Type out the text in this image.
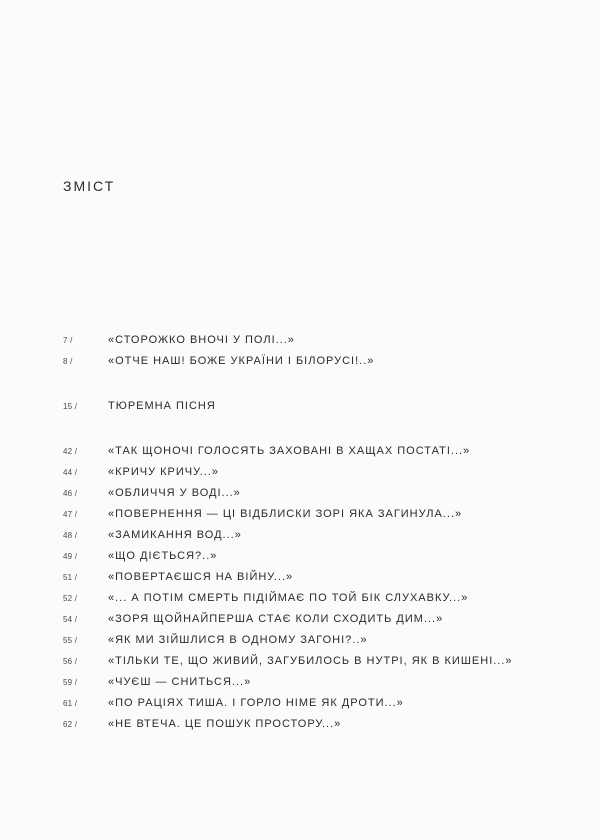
ЗМІСТ
7 /	«СТОРОЖКО ВНОЧІ У ПОЛІ...»
8 /	«ОТЧЕ НАШ! БОЖЕ УКРАЇНИ І БІЛОРУСІ!..»
15 /	ТЮРЕМНА ПІСНЯ
42 /	«ТАК ЩОНОЧІ ГОЛОСЯТЬ ЗАХОВАНІ В ХАЩАХ ПОСТАТІ...»
44 /	«КРИЧУ КРИЧУ...»
46 /	«ОБЛИЧЧЯ У ВОДІ...»
47 /	«ПОВЕРНЕННЯ — ЦІ ВІДБЛИСКИ ЗОРІ ЯКА ЗАГИНУЛА...»
48 /	«ЗАМИКАННЯ ВОД...»
49 /	«ЩО ДІЄТЬСЯ?..»
51 /	«ПОВЕРТАЄШСЯ НА ВІЙНУ...»
52 /	«... А ПОТІМ СМЕРТЬ ПІДІЙМАЄ ПО ТОЙ БІК СЛУХАВКУ...»
54 /	«ЗОРЯ ЩОЙНАЙПЕРША СТАЄ КОЛИ СХОДИТЬ ДИМ...»
55 /	«ЯК МИ ЗІЙШЛИСЯ В ОДНОМУ ЗАГОНІ?..»
56 /	«ТІЛЬКИ ТЕ, ЩО ЖИВИЙ, ЗАГУБИЛОСЬ В НУТРІ, ЯК В КИШЕНІ...»
59 /	«ЧУЄШ — СНИТЬСЯ...»
61 /	«ПО РАЦІЯХ ТИША. І ГОРЛО НІМЕ ЯК ДРОТИ...»
62 /	«НЕ ВТЕЧА. ЦЕ ПОШУК ПРОСТОРУ...»
